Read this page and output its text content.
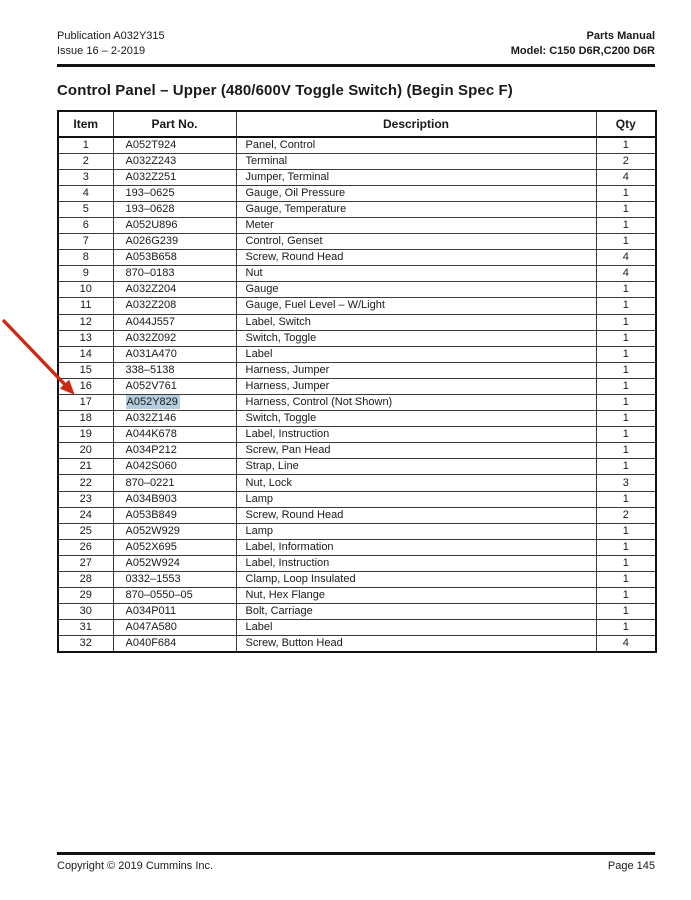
Publication A032Y315
Issue 16 – 2-2019
Parts Manual
Model: C150 D6R,C200 D6R
Control Panel – Upper (480/600V Toggle Switch) (Begin Spec F)
Item	Part No.	Description	Qty
1	A052T924	Panel, Control	1
2	A032Z243	Terminal	2
3	A032Z251	Jumper, Terminal	4
4	193–0625	Gauge, Oil Pressure	1
5	193–0628	Gauge, Temperature	1
6	A052U896	Meter	1
7	A026G239	Control, Genset	1
8	A053B658	Screw, Round Head	4
9	870–0183	Nut	4
10	A032Z204	Gauge	1
11	A032Z208	Gauge, Fuel Level – W/Light	1
12	A044J557	Label, Switch	1
13	A032Z092	Switch, Toggle	1
14	A031A470	Label	1
15	338–5138	Harness, Jumper	1
16	A052V761	Harness, Jumper	1
17	A052Y829	Harness, Control (Not Shown)	1
18	A032Z146	Switch, Toggle	1
19	A044K678	Label, Instruction	1
20	A034P212	Screw, Pan Head	1
21	A042S060	Strap, Line	1
22	870–0221	Nut, Lock	3
23	A034B903	Lamp	1
24	A053B849	Screw, Round Head	2
25	A052W929	Lamp	1
26	A052X695	Label, Information	1
27	A052W924	Label, Instruction	1
28	0332–1553	Clamp, Loop Insulated	1
29	870–0550–05	Nut, Hex Flange	1
30	A034P011	Bolt, Carriage	1
31	A047A580	Label	1
32	A040F684	Screw, Button Head	4
Copyright © 2019 Cummins Inc.	Page 145
